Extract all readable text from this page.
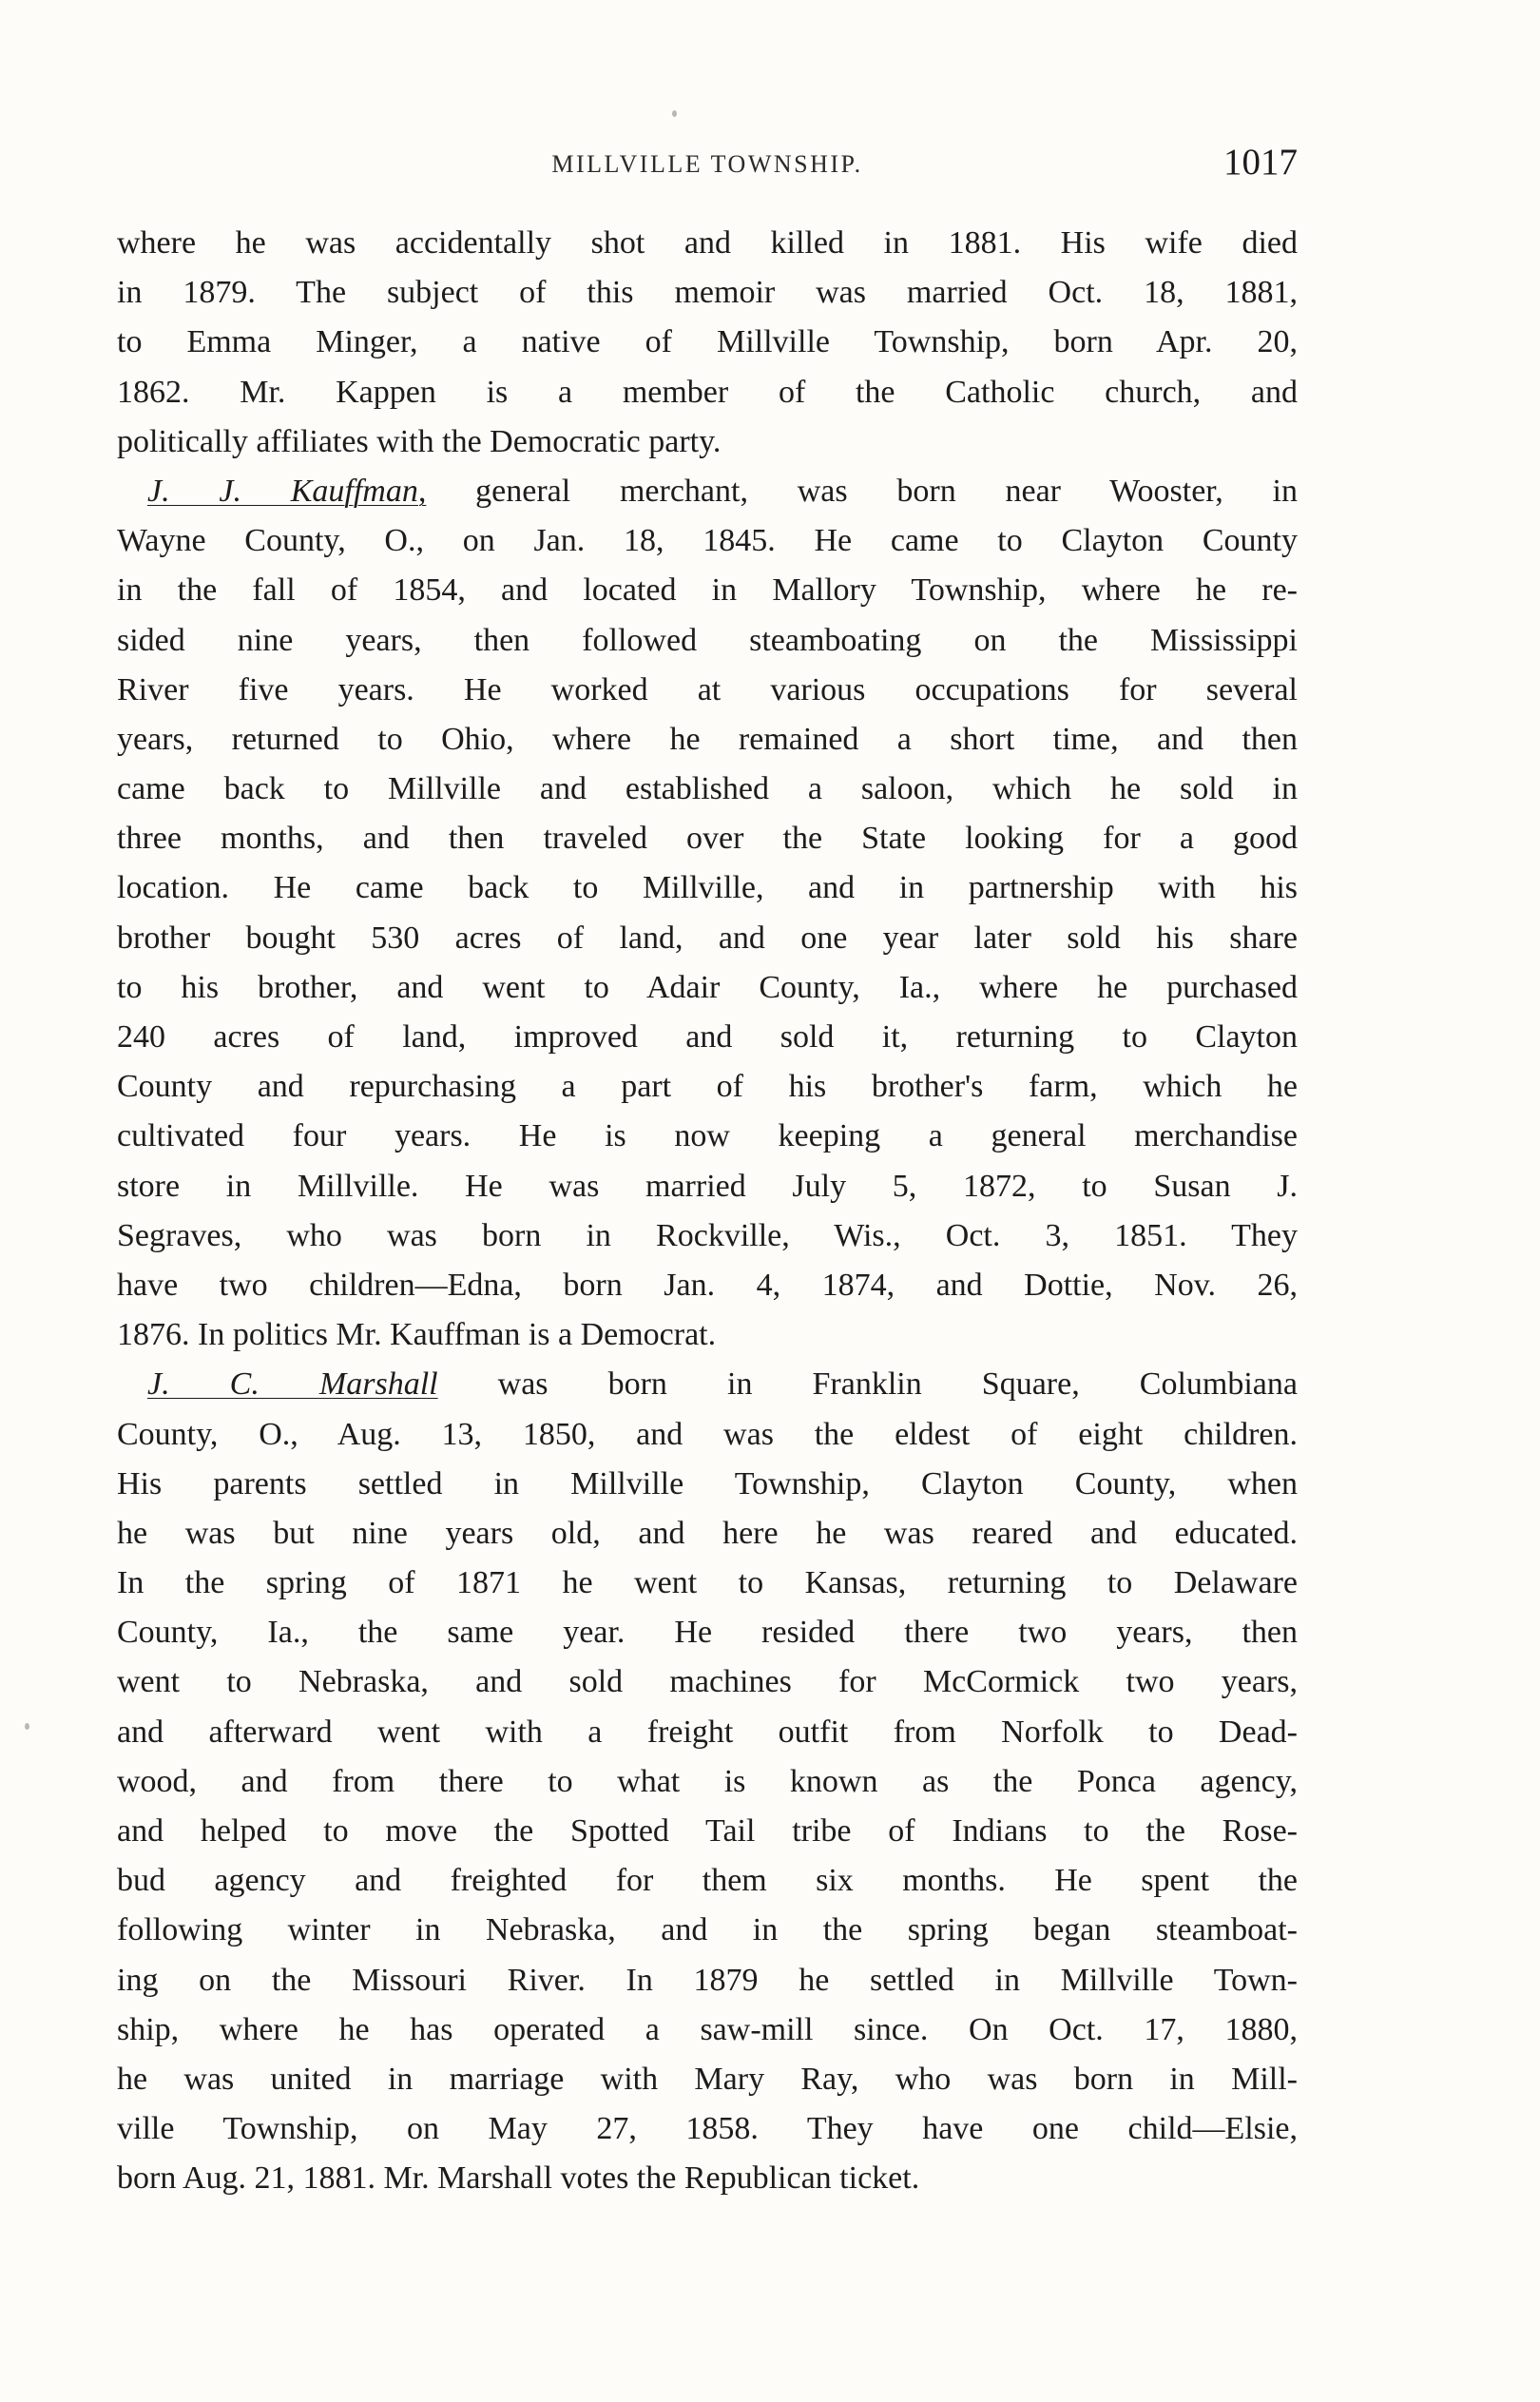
MILLVILLE TOWNSHIP.	1017
where he was accidentally shot and killed in 1881. His wife died
in 1879. The subject of this memoir was married Oct. 18, 1881,
to Emma Minger, a native of Millville Township, born Apr. 20,
1862. Mr. Kappen is a member of the Catholic church, and
politically affiliates with the Democratic party.
J. J. Kauffman, general merchant, was born near Wooster, in
Wayne County, O., on Jan. 18, 1845. He came to Clayton County
in the fall of 1854, and located in Mallory Township, where he re-
sided nine years, then followed steamboating on the Mississippi
River five years. He worked at various occupations for several
years, returned to Ohio, where he remained a short time, and then
came back to Millville and established a saloon, which he sold in
three months, and then traveled over the State looking for a good
location. He came back to Millville, and in partnership with his
brother bought 530 acres of land, and one year later sold his share
to his brother, and went to Adair County, Ia., where he purchased
240 acres of land, improved and sold it, returning to Clayton
County and repurchasing a part of his brother's farm, which he
cultivated four years. He is now keeping a general merchandise
store in Millville. He was married July 5, 1872, to Susan J.
Segraves, who was born in Rockville, Wis., Oct. 3, 1851. They
have two children—Edna, born Jan. 4, 1874, and Dottie, Nov. 26,
1876. In politics Mr. Kauffman is a Democrat.
J. C. Marshall was born in Franklin Square, Columbiana
County, O., Aug. 13, 1850, and was the eldest of eight children.
His parents settled in Millville Township, Clayton County, when
he was but nine years old, and here he was reared and educated.
In the spring of 1871 he went to Kansas, returning to Delaware
County, Ia., the same year. He resided there two years, then
went to Nebraska, and sold machines for McCormick two years,
and afterward went with a freight outfit from Norfolk to Dead-
wood, and from there to what is known as the Ponca agency,
and helped to move the Spotted Tail tribe of Indians to the Rose-
bud agency and freighted for them six months. He spent the
following winter in Nebraska, and in the spring began steamboat-
ing on the Missouri River. In 1879 he settled in Millville Town-
ship, where he has operated a saw-mill since. On Oct. 17, 1880,
he was united in marriage with Mary Ray, who was born in Mill-
ville Township, on May 27, 1858. They have one child—Elsie,
born Aug. 21, 1881. Mr. Marshall votes the Republican ticket.
